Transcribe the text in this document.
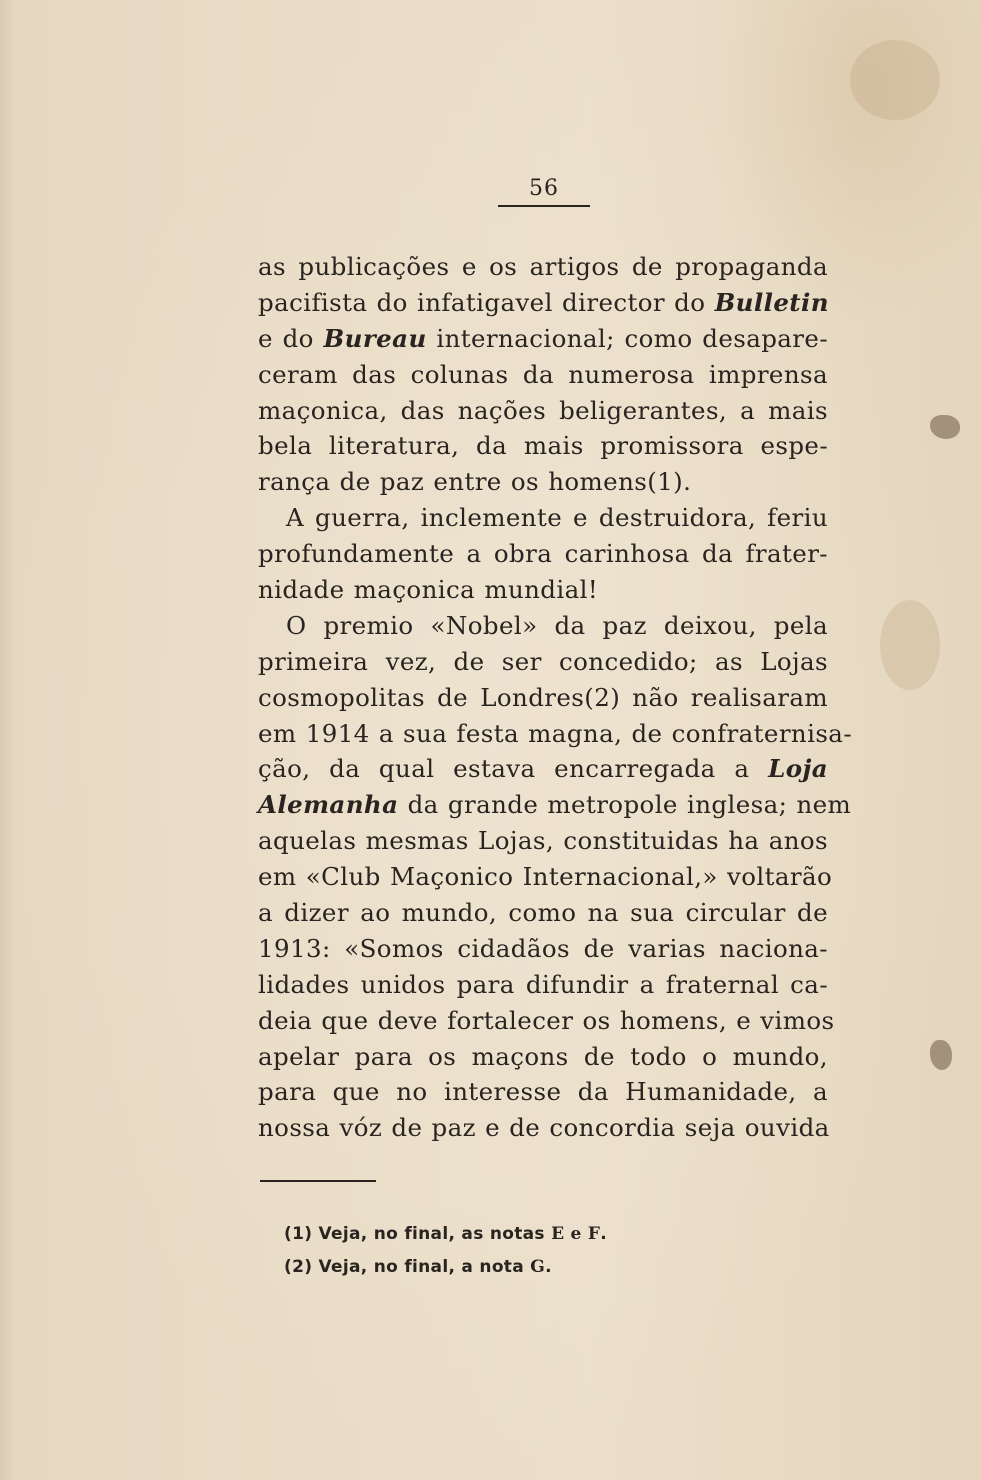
56
as publicações e os artigos de propaganda
pacifista do infatigavel director do Bulletin
e do Bureau internacional; como desapare-
ceram das colunas da numerosa imprensa
maçonica, das nações beligerantes, a mais
bela literatura, da mais promissora espe-
rança de paz entre os homens(1).
A guerra, inclemente e destruidora, feriu
profundamente a obra carinhosa da frater-
nidade maçonica mundial!
O premio «Nobel» da paz deixou, pela
primeira vez, de ser concedido; as Lojas
cosmopolitas de Londres(2) não realisaram
em 1914 a sua festa magna, de confraternisa-
ção, da qual estava encarregada a Loja
Alemanha da grande metropole inglesa; nem
aquelas mesmas Lojas, constituidas ha anos
em «Club Maçonico Internacional,» voltarão
a dizer ao mundo, como na sua circular de
1913: «Somos cidadãos de varias naciona-
lidades unidos para difundir a fraternal ca-
deia que deve fortalecer os homens, e vimos
apelar para os maçons de todo o mundo,
para que no interesse da Humanidade, a
nossa vóz de paz e de concordia seja ouvida
(1) Veja, no final, as notas E e F.
(2) Veja, no final, a nota G.
